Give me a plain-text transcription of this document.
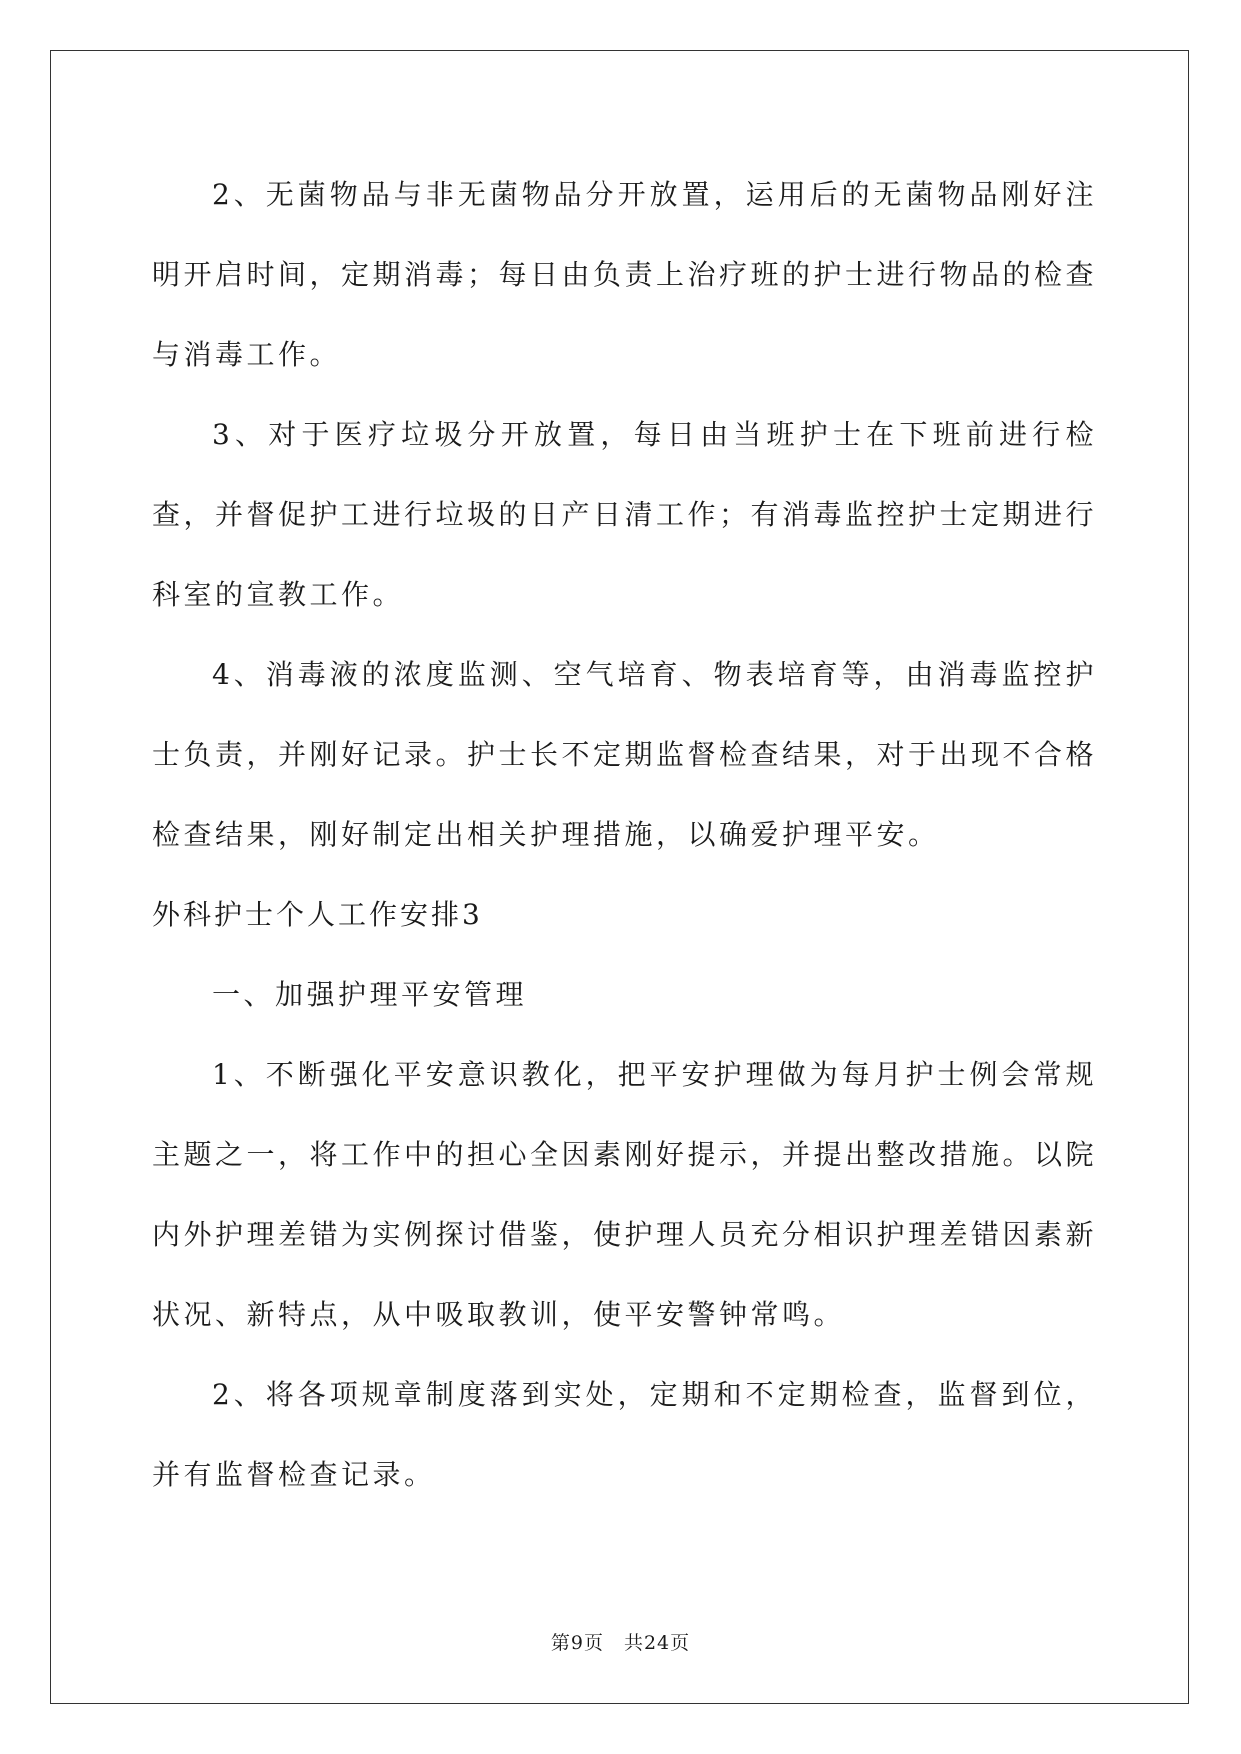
2、无菌物品与非无菌物品分开放置，运用后的无菌物品刚好注明开启时间，定期消毒；每日由负责上治疗班的护士进行物品的检查与消毒工作。

3、对于医疗垃圾分开放置，每日由当班护士在下班前进行检查，并督促护工进行垃圾的日产日清工作；有消毒监控护士定期进行科室的宣教工作。

4、消毒液的浓度监测、空气培育、物表培育等，由消毒监控护士负责，并刚好记录。护士长不定期监督检查结果，对于出现不合格检查结果，刚好制定出相关护理措施，以确爱护理平安。

外科护士个人工作安排3

一、加强护理平安管理

1、不断强化平安意识教化，把平安护理做为每月护士例会常规主题之一，将工作中的担心全因素刚好提示，并提出整改措施。以院内外护理差错为实例探讨借鉴，使护理人员充分相识护理差错因素新状况、新特点，从中吸取教训，使平安警钟常鸣。

2、将各项规章制度落到实处，定期和不定期检查，监督到位，并有监督检查记录。

第9页 共24页
